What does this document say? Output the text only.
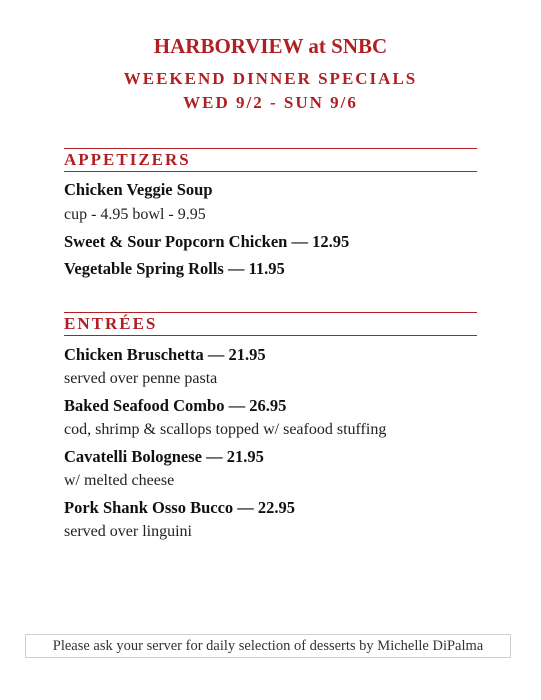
HARBORVIEW at SNBC
WEEKEND DINNER SPECIALS
WED 9/2 - SUN 9/6
APPETIZERS
Chicken Veggie Soup
cup - 4.95 bowl - 9.95
Sweet & Sour Popcorn Chicken — 12.95
Vegetable Spring Rolls — 11.95
ENTRÉES
Chicken Bruschetta — 21.95
served over penne pasta
Baked Seafood Combo — 26.95
cod, shrimp & scallops topped w/ seafood stuffing
Cavatelli Bolognese — 21.95
w/ melted cheese
Pork Shank Osso Bucco — 22.95
served over linguini
Please ask your server for daily selection of desserts by Michelle DiPalma
